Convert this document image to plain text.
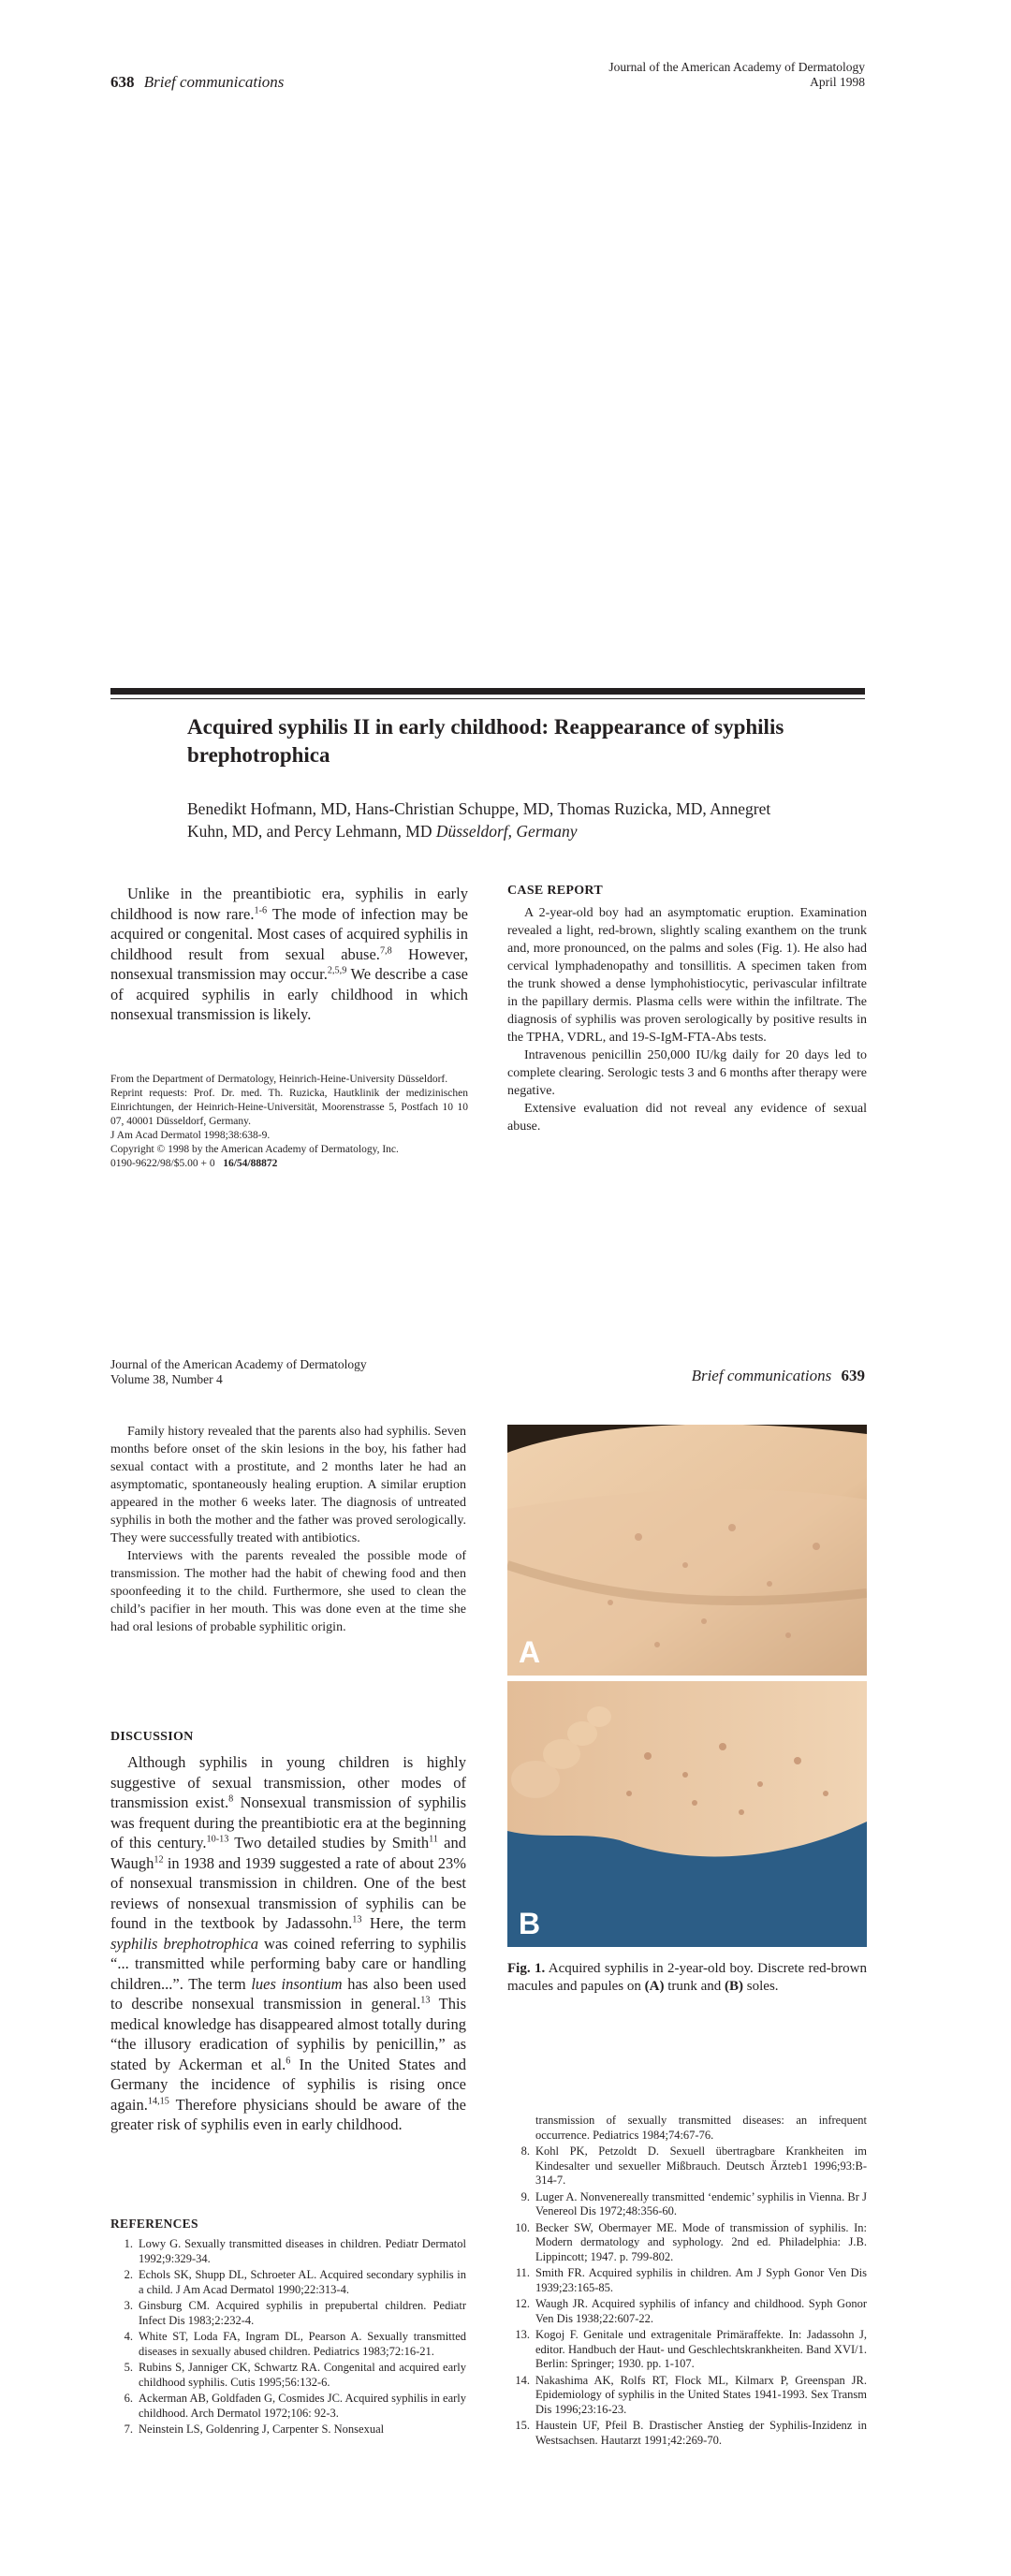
638 Brief communications
Journal of the American Academy of Dermatology
April 1998
Acquired syphilis II in early childhood: Reappearance of syphilis brephotrophica
Benedikt Hofmann, MD, Hans-Christian Schuppe, MD, Thomas Ruzicka, MD, Annegret Kuhn, MD, and Percy Lehmann, MD Düsseldorf, Germany
Unlike in the preantibiotic era, syphilis in early childhood is now rare.$^{1-6}$ The mode of infection may be acquired or congenital. Most cases of acquired syphilis in childhood result from sexual abuse.$^{7,8}$ However, nonsexual transmission may occur.$^{2,5,9}$ We describe a case of acquired syphilis in early childhood in which nonsexual transmission is likely.

From the Department of Dermatology, Heinrich-Heine-University Düsseldorf.

Reprint requests: Prof. Dr. med. Th. Ruzicka, Hautklinik der medizinischen Einrichtungen, der Heinrich-Heine-Universität, Moorenstrasse 5, Postfach 10 10 07, 40001 Düsseldorf, Germany.

J Am Acad Dermatol 1998;38:638-9.

Copyright © 1998 by the American Academy of Dermatology, Inc.

0190-9622/98/$5.00 + 0 16/54/88872

CASE REPORT

A 2-year-old boy had an asymptomatic eruption. Examination revealed a light, red-brown, slightly scaling exanthem on the trunk and, more pronounced, on the palms and soles (Fig. 1). He also had cervical lymphadenopathy and tonsillitis. A specimen taken from the trunk showed a dense lymphohistiocytic, perivascular infiltrate in the papillary dermis. Plasma cells were within the infiltrate. The diagnosis of syphilis was proven serologically by positive results in the TPHA, VDRL, and 19-S-IgM-FTA-Abs tests.

Intravenous penicillin 250,000 IU/kg daily for 20 days led to complete clearing. Serologic tests 3 and 6 months after therapy were negative.

Extensive evaluation did not reveal any evidence of sexual abuse.

Journal of the American Academy of Dermatology
Volume 38, Number 4	Brief communications 639

Family history revealed that the parents also had syphilis. Seven months before onset of the skin lesions in the boy, his father had sexual contact with a prostitute, and 2 months later he had an asymptomatic, spontaneously healing eruption. A similar eruption appeared in the mother 6 weeks later. The diagnosis of untreated syphilis in both the mother and the father was proved serologically. They were successfully treated with antibiotics.

Interviews with the parents revealed the possible mode of transmission. The mother had the habit of chewing food and then spoonfeeding it to the child. Furthermore, she used to clean the child’s pacifier in her mouth. This was done even at the time she had oral lesions of probable syphilitic origin.

DISCUSSION
Although syphilis in young children is highly suggestive of sexual transmission, other modes of transmission exist.$^8$ Nonsexual transmission of syphilis was frequent during the preantibiotic era at the beginning of this century.$^{10-13}$ Two detailed studies by Smith$^{11}$ and Waugh$^{12}$ in 1938 and 1939 suggested a rate of about 23% of nonsexual transmission in children. One of the best reviews of nonsexual transmission of syphilis can be found in the textbook by Jadassohn.$^{13}$ Here, the term syphilis brephotrophica was coined referring to syphilis “... transmitted while performing baby care or handling children...”. The term lues insontium has also been used to describe nonsexual transmission in general.$^{13}$ This medical knowledge has disappeared almost totally during “the illusory eradication of syphilis by penicillin,” as stated by Ackerman et al.$^6$ In the United States and Germany the incidence of syphilis is rising once again.$^{14,15}$ Therefore physicians should be aware of the greater risk of syphilis even in early childhood.
REFERENCES
1. Lowy G. Sexually transmitted diseases in children. Pediatr Dermatol 1992;9:329-34.
2. Echols SK, Shupp DL, Schroeter AL. Acquired secondary syphilis in a child. J Am Acad Dermatol 1990;22:313-4.
3. Ginsburg CM. Acquired syphilis in prepubertal children. Pediatr Infect Dis 1983;2:232-4.
4. White ST, Loda FA, Ingram DL, Pearson A. Sexually transmitted diseases in sexually abused children. Pediatrics 1983;72:16-21.
5. Rubins S, Janniger CK, Schwartz RA. Congenital and acquired early childhood syphilis. Cutis 1995;56:132-6.
6. Ackerman AB, Goldfaden G, Cosmides JC. Acquired syphilis in early childhood. Arch Dermatol 1972;106: 92-3.
7. Neinstein LS, Goldenring J, Carpenter S. Nonsexual
transmission of sexually transmitted diseases: an infrequent occurrence. Pediatrics 1984;74:67-76.
8. Kohl PK, Petzoldt D. Sexuell übertragbare Krankheiten im Kindesalter und sexueller Mißbrauch. Deutsch Ärzteb1 1996;93:B-314-7.
9. Luger A. Nonvenereally transmitted ‘endemic’ syphilis in Vienna. Br J Venereol Dis 1972;48:356-60.
10. Becker SW, Obermayer ME. Mode of transmission of syphilis. In: Modern dermatology and syphology. 2nd ed. Philadelphia: J.B. Lippincott; 1947. p. 799-802.
11. Smith FR. Acquired syphilis in children. Am J Syph Gonor Ven Dis 1939;23:165-85.
12. Waugh JR. Acquired syphilis of infancy and childhood. Syph Gonor Ven Dis 1938;22:607-22.
13. Kogoj F. Genitale und extragenitale Primäraffekte. In: Jadassohn J, editor. Handbuch der Haut- und Geschlechtskrankheiten. Band XVI/1. Berlin: Springer; 1930. pp. 1-107.
14. Nakashima AK, Rolfs RT, Flock ML, Kilmarx P, Greenspan JR. Epidemiology of syphilis in the United States 1941-1993. Sex Transm Dis 1996;23:16-23.
15. Haustein UF, Pfeil B. Drastischer Anstieg der Syphilis-Inzidenz in Westsachsen. Hautarzt 1991;42:269-70.
A
B
Fig. 1. Acquired syphilis in 2-year-old boy. Discrete red-brown macules and papules on (A) trunk and (B) soles.
